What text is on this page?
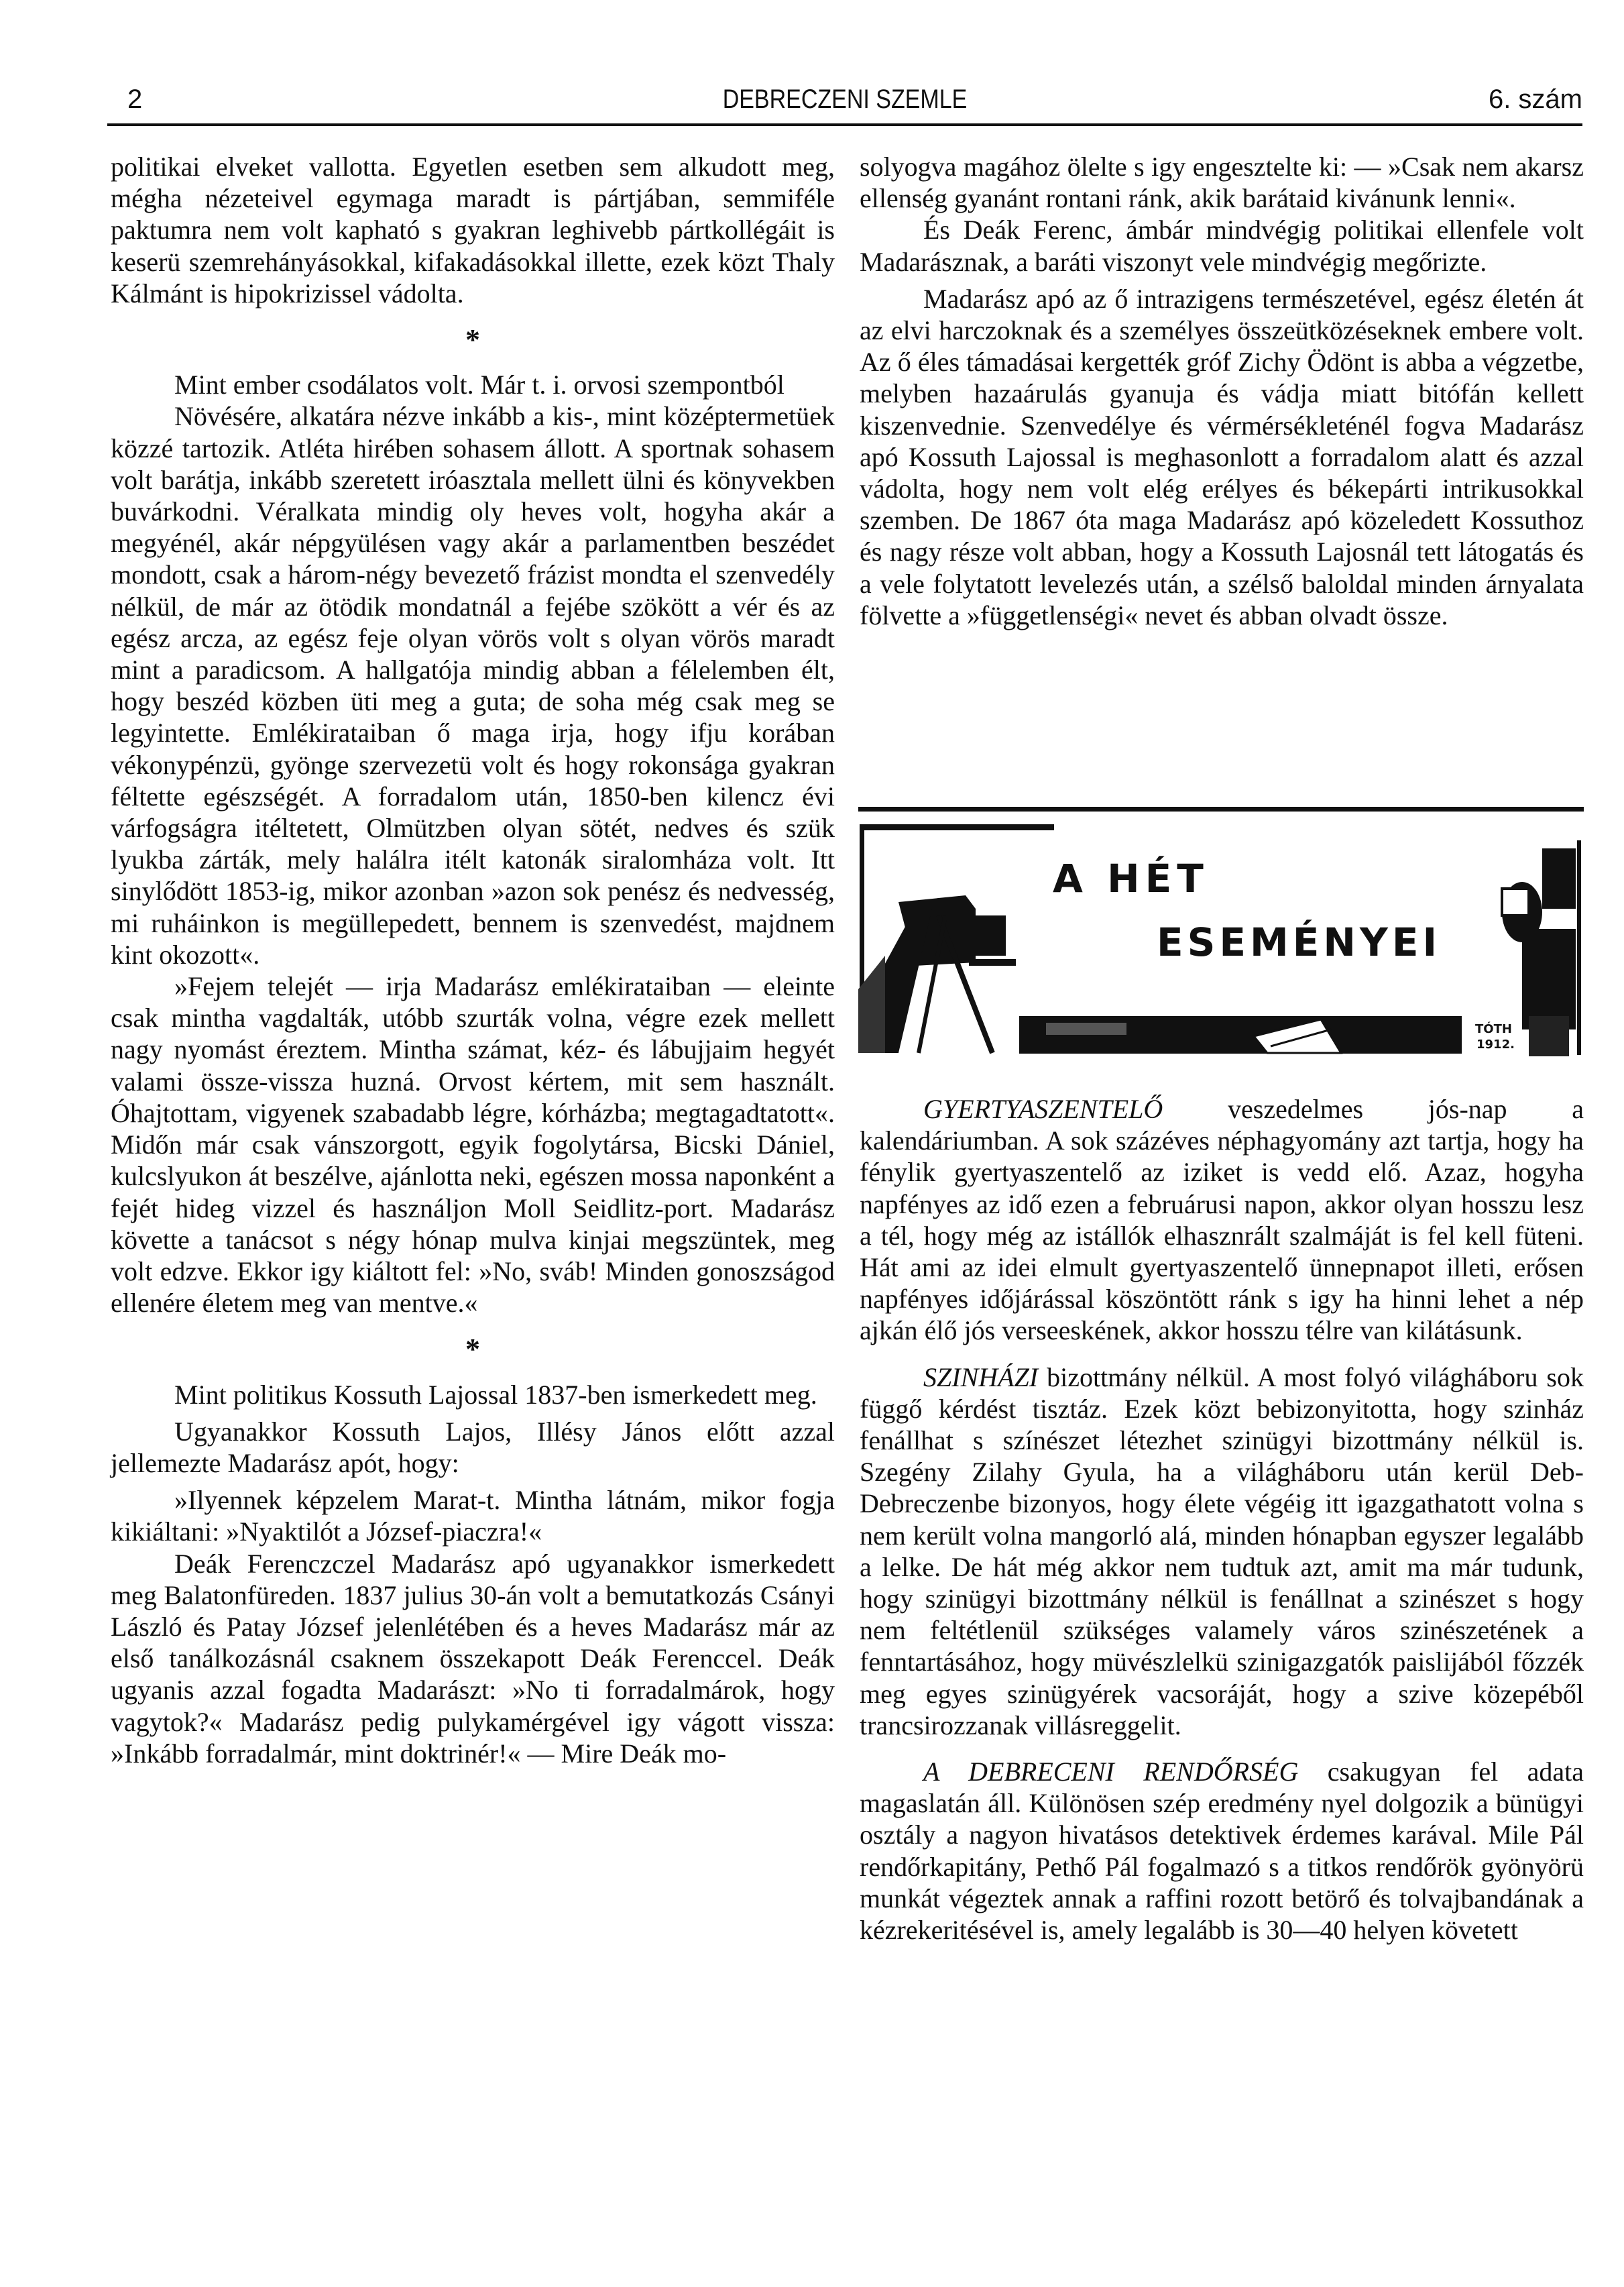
2	DEBRECZENI SZEMLE	6. szám

politikai elveket vallotta. Egyetlen esetben sem alkudott meg, mégha nézeteivel egymaga maradt is pártjában, semmiféle paktumra nem volt kapható s gyakran leghivebb pártkollégáit is keserü szemrehányásokkal, kifakadásokkal illette, ezek közt Thaly Kálmánt is hipokrizissel vádolta.

*

Mint ember csodálatos volt. Már t. i. orvosi szempontból

Növésére, alkatára nézve inkább a kis-, mint középtermetüek közzé tartozik. Atléta hirében sohasem állott. A sportnak sohasem volt barátja, inkább szeretett iróasztala mellett ülni és könyvekben buvárkodni. Véralkata mindig oly heves volt, hogyha akár a megyénél, akár népgyülésen vagy akár a parlamentben beszédet mondott, csak a három-négy bevezető frázist mondta el szenvedély nélkül, de már az ötödik mondatnál a fejébe szökött a vér és az egész arcza, az egész feje olyan vörös volt s olyan vörös maradt mint a paradicsom. A hallgatója mindig abban a félelemben élt, hogy beszéd közben üti meg a guta; de soha még csak meg se legyintette. Emlékirataiban ő maga irja, hogy ifju korában vékonypénzü, gyönge szervezetü volt és hogy rokonsága gyakran féltette egészségét. A forradalom után, 1850-ben kilencz évi várfogságra itéltetett, Olmützben olyan sötét, nedves és szük lyukba zárták, mely halálra itélt katonák siralomháza volt. Itt sinylődött 1853-ig, mikor azonban »azon sok penész és nedvesség, mi ruháinkon is megüllepedett, bennem is szenvedést, majdnem kint okozott«.

»Fejem telejét — irja Madarász emlékirataiban — eleinte csak mintha vagdalták, utóbb szurták volna, végre ezek mellett nagy nyomást éreztem. Mintha számat, kéz- és lábujjaim hegyét valami össze-vissza huzná. Orvost kértem, mit sem használt. Óhajtottam, vigyenek szabadabb légre, kórházba; megtagadtatott«. Midőn már csak vánszorgott, egyik fogolytársa, Bicski Dániel, kulcslyukon át beszélve, ajánlotta neki, egészen mossa naponként a fejét hideg vizzel és használjon Moll Seidlitz-port. Madarász követte a tanácsot s négy hónap mulva kinjai megszüntek, meg volt edzve. Ekkor igy kiáltott fel: »No, sváb! Minden gonoszságod ellenére életem meg van mentve.«

*

Mint politikus Kossuth Lajossal 1837-ben ismerkedett meg.

Ugyanakkor Kossuth Lajos, Illésy János előtt azzal jellemezte Madarász apót, hogy:

»Ilyennek képzelem Marat-t. Mintha látnám, mikor fogja kikiáltani: »Nyaktilót a József-piaczra!«

Deák Ferenczczel Madarász apó ugyanakkor ismerkedett meg Balatonfüreden. 1837 julius 30-án volt a bemutatkozás Csányi László és Patay József jelenlétében és a heves Madarász már az első tanálkozásnál csaknem összekapott Deák Ferenccel. Deák ugyanis azzal fogadta Madarászt: »No ti forradalmárok, hogy vagytok?« Madarász pedig pulykamérgével igy vágott vissza: »Inkább forradalmár, mint doktrinér!« — Mire Deák mo-

solyogva magához ölelte s igy engesztelte ki: — »Csak nem akarsz ellenség gyanánt rontani ránk, akik barátaid kivánunk lenni«.

És Deák Ferenc, ámbár mindvégig politikai ellenfele volt Madarásznak, a baráti viszonyt vele mindvégig megőrizte.

Madarász apó az ő intrazigens természetével, egész életén át az elvi harczoknak és a személyes összeütközéseknek embere volt. Az ő éles támadásai kergették gróf Zichy Ödönt is abba a végzetbe, melyben hazaárulás gyanuja és vádja miatt bitófán kellett kiszenvednie. Szenvedélye és vérmérsékleténél fogva Madarász apó Kossuth Lajossal is meghasonlott a forradalom alatt és azzal vádolta, hogy nem volt elég erélyes és békepárti intrikusokkal szemben. De 1867 óta maga Madarász apó közeledett Kossuthoz és nagy része volt abban, hogy a Kossuth Lajosnál tett látogatás és a vele folytatott levelezés után, a szélső baloldal minden árnyalata fölvette a »függetlenségi« nevet és abban olvadt össze.

A HÉT
ESEMÉNYEI
TÓTH
1912.

GYERTYASZENTELŐ veszedelmes jós-nap a kalendáriumban. A sok százéves néphagyomány azt tartja, hogy ha fénylik gyertyaszentelő az iziket is vedd elő. Azaz, hogyha napfényes az idő ezen a februárusi napon, akkor olyan hosszu lesz a tél, hogy még az istállók elhasznrált szalmáját is fel kell füteni. Hát ami az idei elmult gyertyaszentelő ünnepnapot illeti, erősen napfényes időjárással köszöntött ránk s igy ha hinni lehet a nép ajkán élő jós verseeskének, akkor hosszu télre van kilátásunk.

SZINHÁZI bizottmány nélkül. A most folyó világháboru sok függő kérdést tisztáz. Ezek közt bebizonyitotta, hogy szinház fenállhat s színészet létezhet szinügyi bizottmány nélkül is. Szegény Zilahy Gyula, ha a világháboru után kerül Deb-Debreczenbe bizonyos, hogy élete végéig itt igazgathatott volna s nem került volna mangorló alá, minden hónapban egyszer legalább a lelke. De hát még akkor nem tudtuk azt, amit ma már tudunk, hogy szinügyi bizottmány nélkül is fenállnat a szinészet s hogy nem feltétlenül szükséges valamely város szinészetének a fenntartásához, hogy müvészlelkü szinigazgatók paislijából főzzék meg egyes szinügyérek vacsoráját, hogy a szive közepéből trancsirozzanak villásreggelit.

A DEBRECENI RENDŐRSÉG csakugyan fel adata magaslatán áll. Különösen szép eredmény nyel dolgozik a bünügyi osztály a nagyon hivatásos detektivek érdemes karával. Mile Pál rendőrkapitány, Pethő Pál fogalmazó s a titkos rendőrök gyönyörü munkát végeztek annak a raffini rozott betörő és tolvajbandának a kézrekeritésével is, amely legalább is 30—40 helyen követett
